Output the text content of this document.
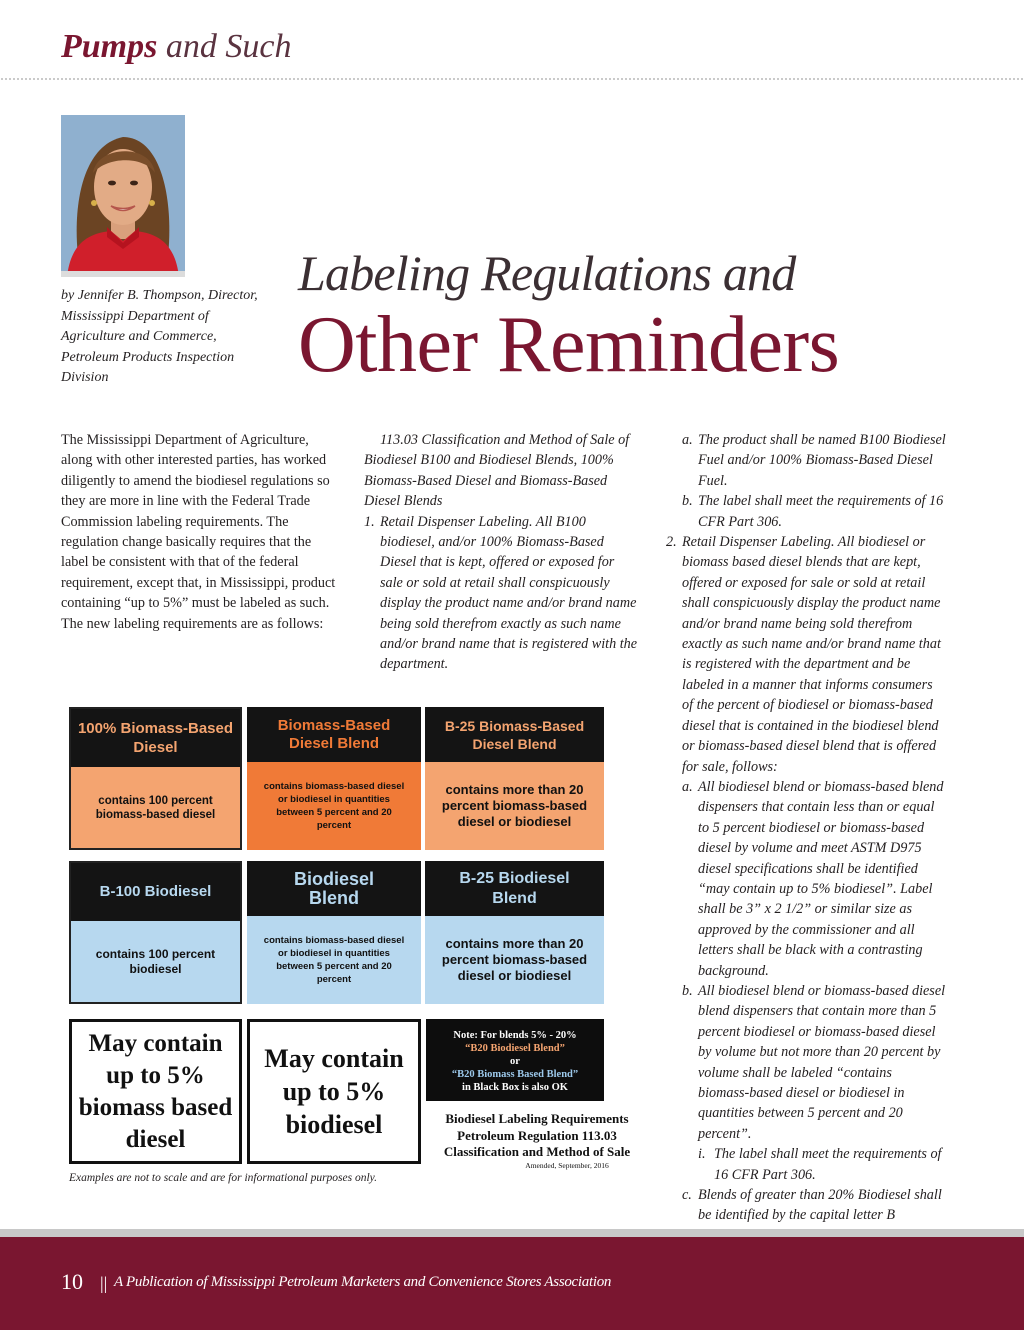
Pumps and Such
by Jennifer B. Thompson, Director, Mississippi Department of Agriculture and Commerce, Petroleum Products Inspection Division
Labeling Regulations and
Other Reminders

The Mississippi Department of Agriculture, along with other interested parties, has worked diligently to amend the biodiesel regulations so they are more in line with the Federal Trade Commission labeling requirements. The regulation change basically requires that the label be consistent with that of the federal requirement, except that, in Mississippi, product containing “up to 5%” must be labeled as such. The new labeling requirements are as follows:

113.03 Classification and Method of Sale of Biodiesel B100 and Biodiesel Blends, 100% Biomass-Based Diesel and Biomass-Based Diesel Blends

1. Retail Dispenser Labeling. All B100 biodiesel, and/or 100% Biomass-Based Diesel that is kept, offered or exposed for sale or sold at retail shall conspicuously display the product name and/or brand name being sold therefrom exactly as such name and/or brand name that is registered with the department.

a. The product shall be named B100 Biodiesel Fuel and/or 100% Biomass-Based Diesel Fuel.

b. The label shall meet the requirements of 16 CFR Part 306.

2. Retail Dispenser Labeling. All biodiesel or biomass based diesel blends that are kept, offered or exposed for sale or sold at retail shall conspicuously display the product name and/or brand name being sold therefrom exactly as such name and/or brand name that is registered with the department and be labeled in a manner that informs consumers of the percent of biodiesel or biomass-based diesel that is contained in the biodiesel blend or biomass-based diesel blend that is offered for sale, follows:

a. All biodiesel blend or biomass-based blend dispensers that contain less than or equal to 5 percent biodiesel or biomass-based diesel by volume and meet ASTM D975 diesel specifications shall be identified “may contain up to 5% biodiesel”. Label shall be 3” x 2 1/2” or similar size as approved by the commissioner and all letters shall be black with a contrasting background.

b. All biodiesel blend or biomass-based diesel blend dispensers that contain more than 5 percent biodiesel or biomass-based diesel by volume but not more than 20 percent by volume shall be labeled “contains biomass-based diesel or biodiesel in quantities between 5 percent and 20 percent”.

i. The label shall meet the requirements of 16 CFR Part 306.

c. Blends of greater than 20% Biodiesel shall be identified by the capital letter B

100% Biomass-Based Diesel
contains 100 percent biomass-based diesel
Biomass-Based Diesel Blend
contains biomass-based diesel or biodiesel in quantities between 5 percent and 20 percent
B-25 Biomass-Based Diesel Blend
contains more than 20 percent biomass-based diesel or biodiesel
B-100 Biodiesel
contains 100 percent biodiesel
Biodiesel Blend
contains biomass-based diesel or biodiesel in quantities between 5 percent and 20 percent
B-25 Biodiesel Blend
contains more than 20 percent biomass-based diesel or biodiesel
May contain up to 5% biomass based diesel
May contain up to 5% biodiesel
Note: For blends 5% - 20%
“B20 Biodiesel Blend”
or
“B20 Biomass Based Blend”
in Black Box is also OK
Biodiesel Labeling Requirements
Petroleum Regulation 113.03
Classification and Method of Sale
Amended, September, 2016
Examples are not to scale and are for informational purposes only.
10 || A Publication of Mississippi Petroleum Marketers and Convenience Stores Association
